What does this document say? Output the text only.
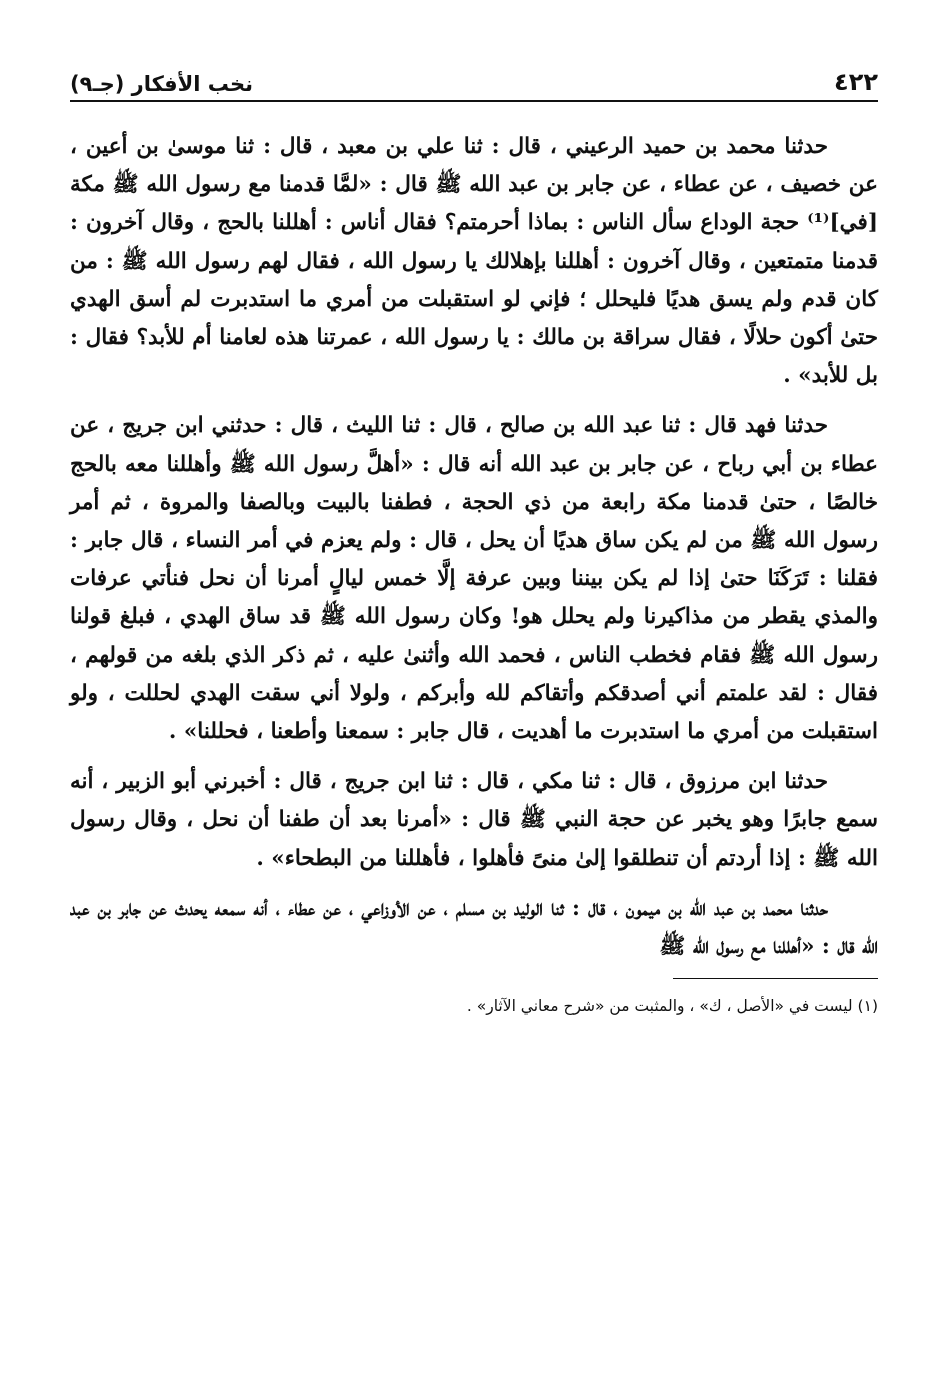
٤٢٢
نخب الأفكار (جـ٩)

حدثنا محمد بن حميد الرعيني ، قال : ثنا علي بن معبد ، قال : ثنا موسىٰ بن أعين ، عن خصيف ، عن عطاء ، عن جابر بن عبد الله ﷺ قال : «لمَّا قدمنا مع رسول الله ﷺ مكة [في]⁽¹⁾ حجة الوداع سأل الناس : بماذا أحرمتم؟ فقال أناس : أهللنا بالحج ، وقال آخرون : قدمنا متمتعين ، وقال آخرون : أهللنا بإهلالك يا رسول الله ، فقال لهم رسول الله ﷺ : من كان قدم ولم يسق هديًا فليحلل ؛ فإني لو استقبلت من أمري ما استدبرت لم أسق الهدي حتىٰ أكون حلالًا ، فقال سراقة بن مالك : يا رسول الله ، عمرتنا هذه لعامنا أم للأبد؟ فقال : بل للأبد» .

حدثنا فهد قال : ثنا عبد الله بن صالح ، قال : ثنا الليث ، قال : حدثني ابن جريج ، عن عطاء بن أبي رباح ، عن جابر بن عبد الله أنه قال : «أهلَّ رسول الله ﷺ وأهللنا معه بالحج خالصًا ، حتىٰ قدمنا مكة رابعة من ذي الحجة ، فطفنا بالبيت وبالصفا والمروة ، ثم أمر رسول الله ﷺ من لم يكن ساق هديًا أن يحل ، قال : ولم يعزم في أمر النساء ، قال جابر : فقلنا : تَرَكَنَا حتىٰ إذا لم يكن بيننا وبين عرفة إلَّا خمس ليالٍ أمرنا أن نحل فنأتي عرفات والمذي يقطر من مذاكيرنا ولم يحلل هو! وكان رسول الله ﷺ قد ساق الهدي ، فبلغ قولنا رسول الله ﷺ فقام فخطب الناس ، فحمد الله وأثنىٰ عليه ، ثم ذكر الذي بلغه من قولهم ، فقال : لقد علمتم أني أصدقكم وأتقاكم لله وأبركم ، ولولا أني سقت الهدي لحللت ، ولو استقبلت من أمري ما استدبرت ما أهديت ، قال جابر : سمعنا وأطعنا ، فحللنا» .

حدثنا ابن مرزوق ، قال : ثنا مكي ، قال : ثنا ابن جريج ، قال : أخبرني أبو الزبير ، أنه سمع جابرًا وهو يخبر عن حجة النبي ﷺ قال : «أمرنا بعد أن طفنا أن نحل ، وقال رسول الله ﷺ : إذا أردتم أن تنطلقوا إلىٰ منىً فأهلوا ، فأهللنا من البطحاء» .

حدثنا محمد بن عبد الله بن ميمون ، قال : ثنا الوليد بن مسلم ، عن الأوزاعي ، عن عطاء ، أنه سمعه يحدث عن جابر بن عبد الله قال : «أهللنا مع رسول الله ﷺ

(١) ليست في «الأصل ، ك» ، والمثبت من «شرح معاني الآثار» .
